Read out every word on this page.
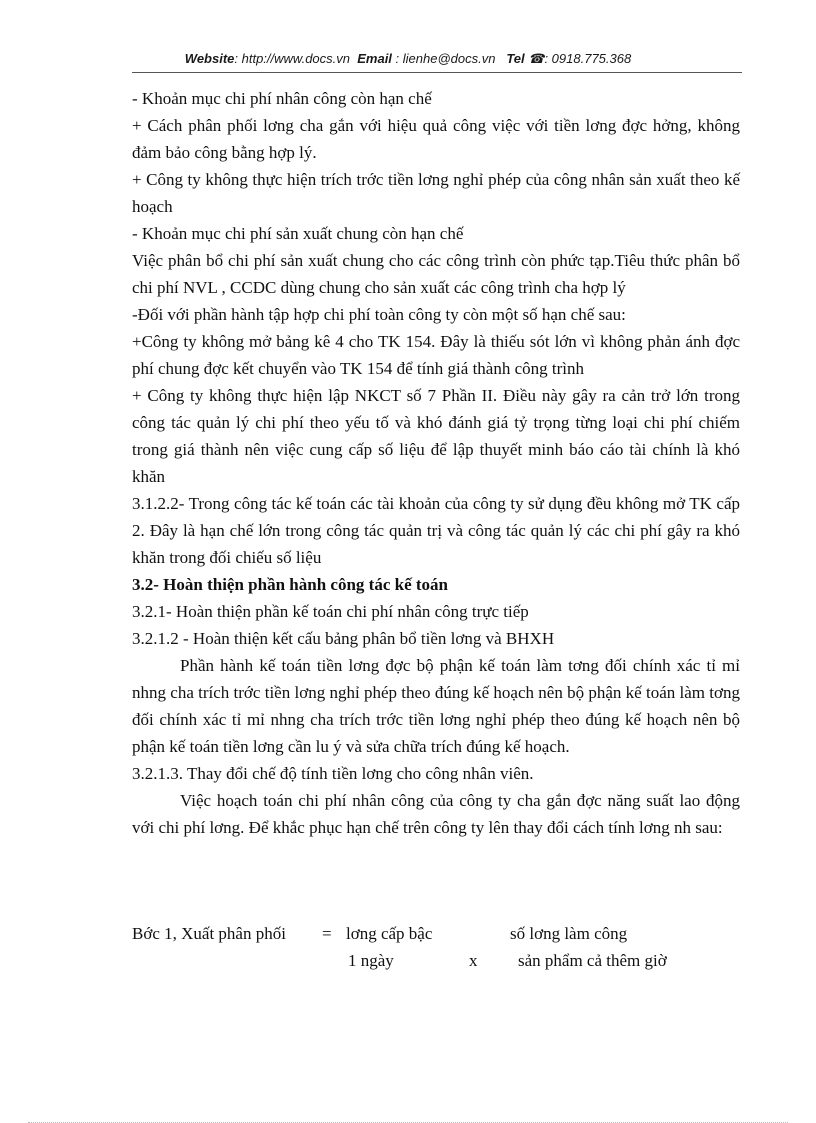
Website: http://www.docs.vn Email : lienhe@docs.vn Tel ☎: 0918.775.368

- Khoản mục chi phí nhân công còn hạn chế

+ Cách phân phối lơng cha gắn với hiệu quả công việc với tiền lơng đợc hởng, không đảm bảo công bằng hợp lý.

+ Công ty không thực hiện trích trớc tiền lơng nghỉ phép của công nhân sản xuất theo kế hoạch

- Khoản mục chi phí sản xuất chung còn hạn chế

Việc phân bổ chi phí sản xuất chung cho các công trình còn phức tạp.Tiêu thức phân bổ chi phí NVL , CCDC dùng chung cho sản xuất các công trình cha hợp lý

-Đối với phần hành tập hợp chi phí toàn công ty còn một số hạn chế sau:

+Công ty không mở bảng kê 4 cho TK 154. Đây là thiếu sót lớn vì không phản ánh đợc phí chung đợc kết chuyển vào TK 154 để tính giá thành công trình

+ Công ty không thực hiện lập NKCT số 7 Phần II. Điều này gây ra cản trở lớn trong công tác quản lý chi phí theo yếu tố và khó đánh giá tỷ trọng từng loại chi phí chiếm trong giá thành nên việc cung cấp số liệu để lập thuyết minh báo cáo tài chính là khó khăn

3.1.2.2- Trong công tác kế toán các tài khoản của công ty sử dụng đều không mở TK cấp 2. Đây là hạn chế lớn trong công tác quản trị và công tác quản lý các chi phí gây ra khó khăn trong đối chiếu số liệu

3.2- Hoàn thiện phần hành công tác kế toán

3.2.1- Hoàn thiện phần kế toán chi phí nhân công trực tiếp

3.2.1.2 - Hoàn thiện kết cấu bảng phân bổ tiền lơng và BHXH

Phần hành kế toán tiền lơng đợc bộ phận kế toán làm tơng đối chính xác tỉ mỉ nhng cha trích trớc tiền lơng nghỉ phép theo đúng kế hoạch nên bộ phận kế toán làm tơng đối chính xác tỉ mỉ nhng cha trích trớc tiền lơng nghỉ phép theo đúng kế hoạch nên bộ phận kế toán tiền lơng cần lu ý và sửa chữa trích đúng kế hoạch.

3.2.1.3. Thay đổi chế độ tính tiền lơng cho công nhân viên.

Việc hoạch toán chi phí nhân công của công ty cha gắn đợc năng suất lao động với chi phí lơng. Để khắc phục hạn chế trên công ty lên thay đổi cách tính lơng nh sau:

Bớc 1, Xuất phân phối = lơng cấp bậc
1 ngày	x
số lơng làm công
sản phẩm cả thêm giờ
